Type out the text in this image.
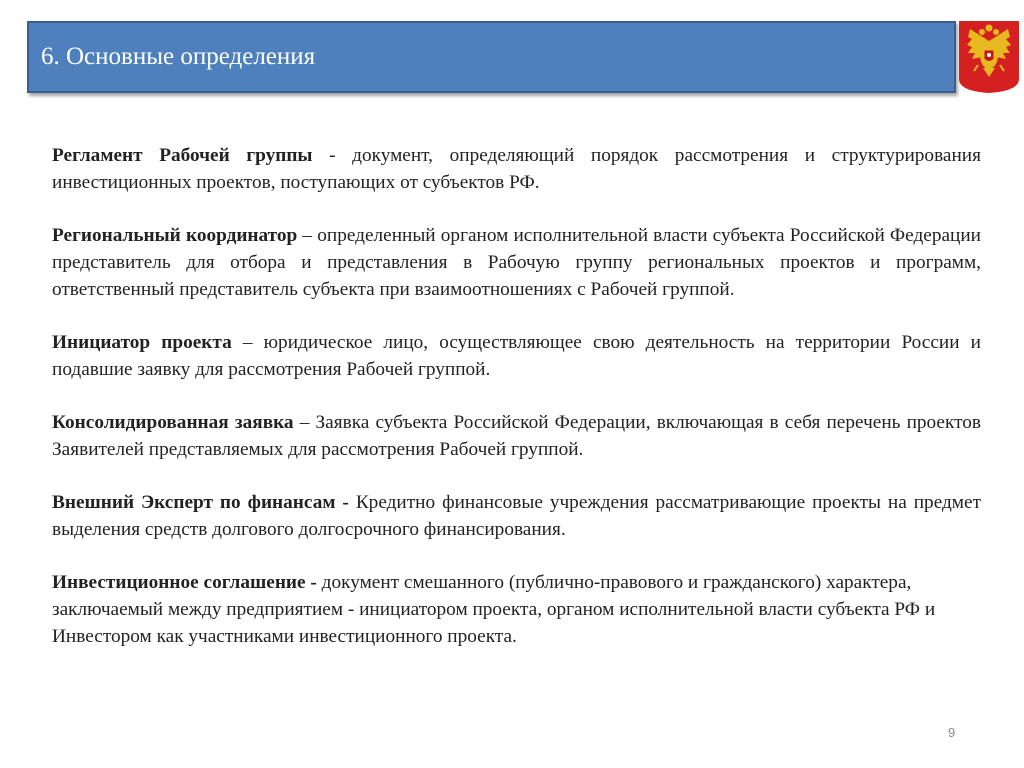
6. Основные определения

Регламент Рабочей группы - документ, определяющий порядок рассмотрения и структурирования инвестиционных проектов, поступающих от субъектов РФ.

Региональный координатор – определенный органом исполнительной власти субъекта Российской Федерации представитель для отбора и представления в Рабочую группу региональных проектов и программ, ответственный представитель субъекта при взаимоотношениях с Рабочей группой.

Инициатор проекта – юридическое лицо, осуществляющее свою деятельность на территории России и подавшие заявку для рассмотрения Рабочей группой.

Консолидированная заявка – Заявка субъекта Российской Федерации, включающая в себя перечень проектов Заявителей представляемых для рассмотрения Рабочей группой.

Внешний Эксперт по финансам - Кредитно финансовые учреждения рассматривающие проекты на предмет выделения средств долгового долгосрочного финансирования.

Инвестиционное соглашение - документ смешанного (публично-правового и гражданского) характера, заключаемый между предприятием - инициатором проекта, органом исполнительной власти субъекта РФ и Инвестором как участниками инвестиционного проекта.

9
